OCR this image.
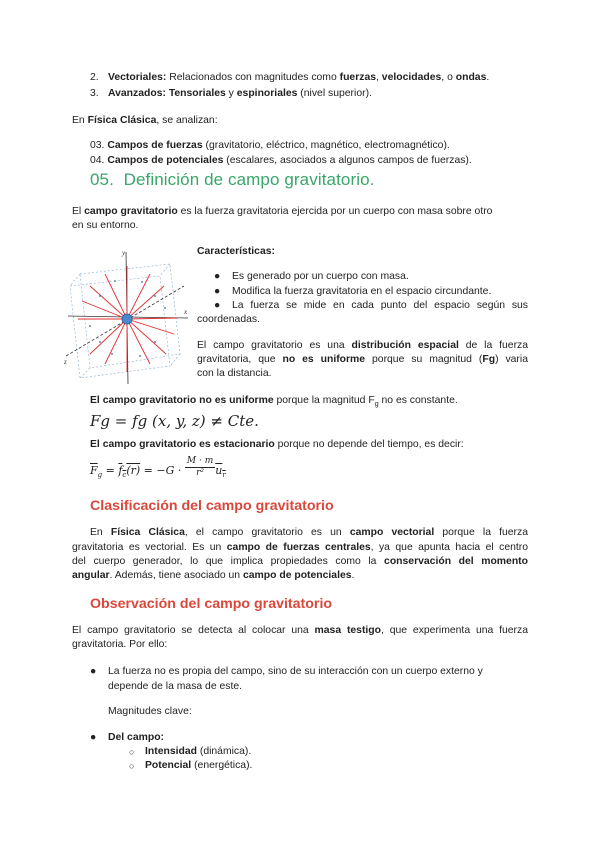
2. Vectoriales: Relacionados con magnitudes como fuerzas, velocidades, o ondas.
3. Avanzados: Tensoriales y espinoriales (nivel superior).
En Física Clásica, se analizan:
03. Campos de fuerzas (gravitatorio, eléctrico, magnético, electromagnético).
04. Campos de potenciales (escalares, asociados a algunos campos de fuerzas).
05. Definición de campo gravitatorio.
El campo gravitatorio es la fuerza gravitatoria ejercida por un cuerpo con masa sobre otro
en su entorno.
y
x
z
Características:
● Es generado por un cuerpo con masa.
● Modifica la fuerza gravitatoria en el espacio circundante.
● La fuerza se mide en cada punto del espacio según sus
coordenadas.
El campo gravitatorio es una distribución espacial de la fuerza
gravitatoria, que no es uniforme porque su magnitud (Fg) varia
con la distancia.
El campo gravitatorio no es uniforme porque la magnitud $F_g$ no es constante.
Fg = fg (x, y, z) ≠ Cte.
El campo gravitatorio es estacionario porque no depende del tiempo, es decir:
$\overline{F}_g = f_c(r) = -G \cdot \frac{M \cdot m}{\text{r²}} u_r$
Clasificación del campo gravitatorio
En Física Clásica, el campo gravitatorio es un campo vectorial porque la fuerza
gravitatoria es vectorial. Es un campo de fuerzas centrales, ya que apunta hacia el centro
del cuerpo generador, lo que implica propiedades como la conservación del momento
angular. Además, tiene asociado un campo de potenciales.
Observación del campo gravitatorio
El campo gravitatorio se detecta al colocar una masa testigo, que experimenta una fuerza
gravitatoria. Por ello:
● La fuerza no es propia del campo, sino de su interacción con un cuerpo externo y
depende de la masa de este.
Magnitudes clave:
● Del campo:
○ Intensidad (dinámica).
○ Potencial (energética).
